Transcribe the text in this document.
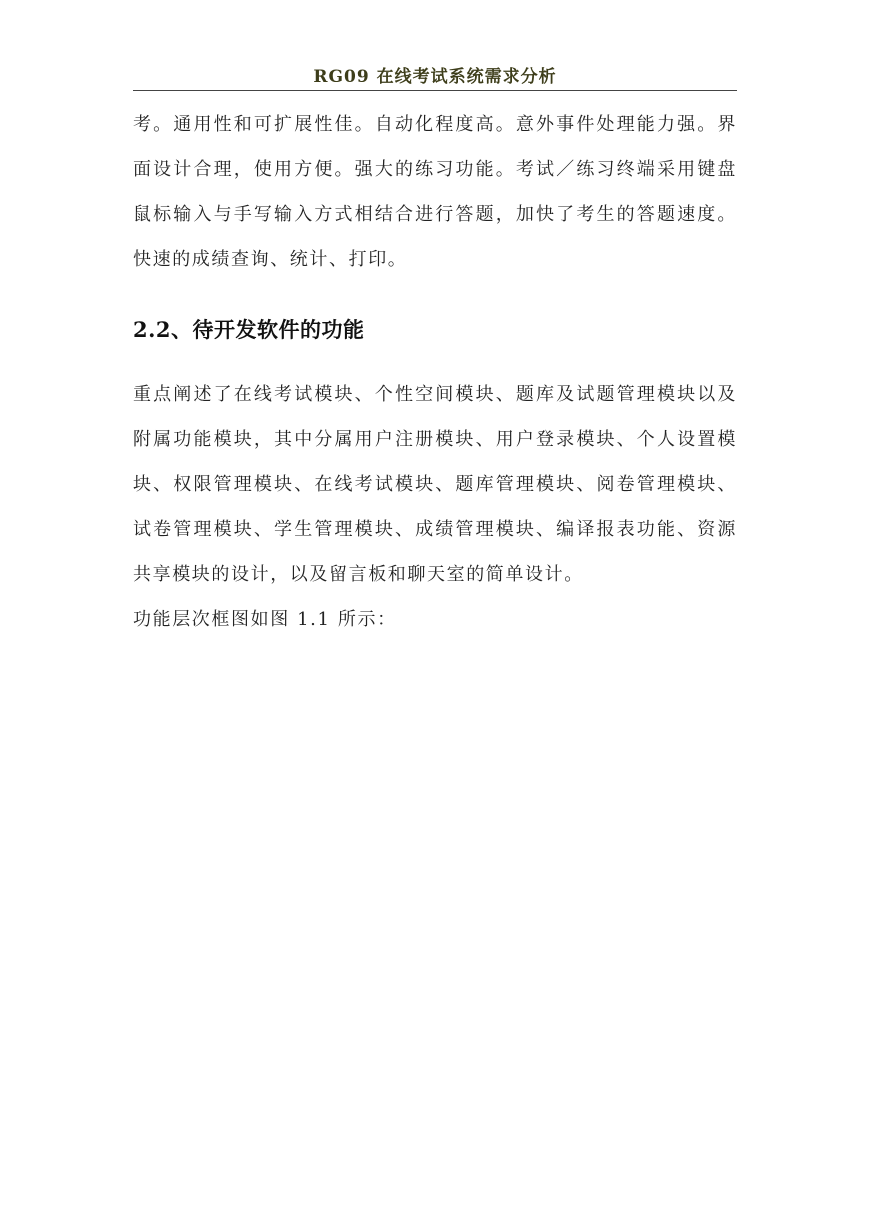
RG09 在线考试系统需求分析

考。通用性和可扩展性佳。自动化程度高。意外事件处理能力强。界面设计合理，使用方便。强大的练习功能。考试／练习终端采用键盘鼠标输入与手写输入方式相结合进行答题，加快了考生的答题速度。快速的成绩查询、统计、打印。

2.2、待开发软件的功能

重点阐述了在线考试模块、个性空间模块、题库及试题管理模块以及附属功能模块，其中分属用户注册模块、用户登录模块、个人设置模块、权限管理模块、在线考试模块、题库管理模块、阅卷管理模块、试卷管理模块、学生管理模块、成绩管理模块、编译报表功能、资源共享模块的设计，以及留言板和聊天室的简单设计。

功能层次框图如图 1.1 所示：
